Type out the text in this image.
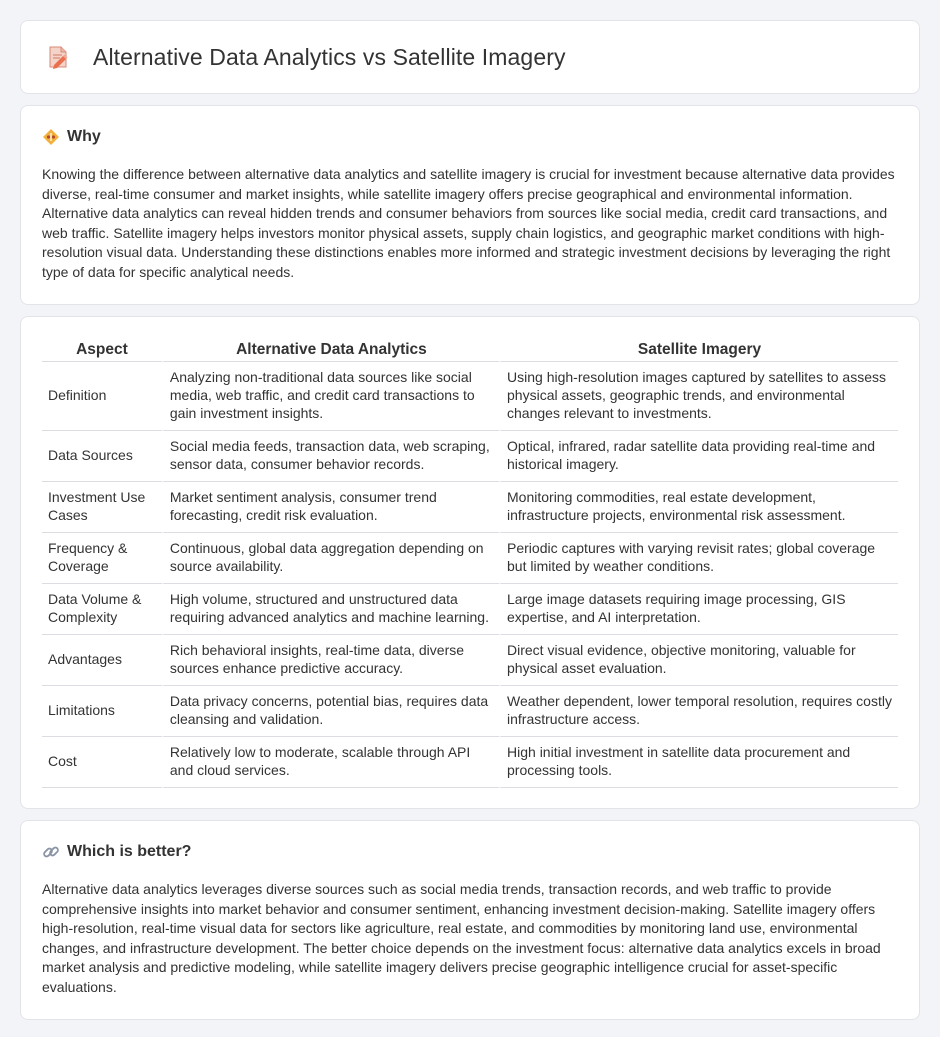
Alternative Data Analytics vs Satellite Imagery
Why

Knowing the difference between alternative data analytics and satellite imagery is crucial for investment because alternative data provides diverse, real-time consumer and market insights, while satellite imagery offers precise geographical and environmental information. Alternative data analytics can reveal hidden trends and consumer behaviors from sources like social media, credit card transactions, and web traffic. Satellite imagery helps investors monitor physical assets, supply chain logistics, and geographic market conditions with high-resolution visual data. Understanding these distinctions enables more informed and strategic investment decisions by leveraging the right type of data for specific analytical needs.

Aspect	Alternative Data Analytics	Satellite Imagery
Definition	Analyzing non-traditional data sources like social media, web traffic, and credit card transactions to gain investment insights.	Using high-resolution images captured by satellites to assess physical assets, geographic trends, and environmental changes relevant to investments.
Data Sources	Social media feeds, transaction data, web scraping, sensor data, consumer behavior records.	Optical, infrared, radar satellite data providing real-time and historical imagery.
Investment Use Cases	Market sentiment analysis, consumer trend forecasting, credit risk evaluation.	Monitoring commodities, real estate development, infrastructure projects, environmental risk assessment.
Frequency & Coverage	Continuous, global data aggregation depending on source availability.	Periodic captures with varying revisit rates; global coverage but limited by weather conditions.
Data Volume & Complexity	High volume, structured and unstructured data requiring advanced analytics and machine learning.	Large image datasets requiring image processing, GIS expertise, and AI interpretation.
Advantages	Rich behavioral insights, real-time data, diverse sources enhance predictive accuracy.	Direct visual evidence, objective monitoring, valuable for physical asset evaluation.
Limitations	Data privacy concerns, potential bias, requires data cleansing and validation.	Weather dependent, lower temporal resolution, requires costly infrastructure access.
Cost	Relatively low to moderate, scalable through API and cloud services.	High initial investment in satellite data procurement and processing tools.
Which is better?

Alternative data analytics leverages diverse sources such as social media trends, transaction records, and web traffic to provide comprehensive insights into market behavior and consumer sentiment, enhancing investment decision-making. Satellite imagery offers high-resolution, real-time visual data for sectors like agriculture, real estate, and commodities by monitoring land use, environmental changes, and infrastructure development. The better choice depends on the investment focus: alternative data analytics excels in broad market analysis and predictive modeling, while satellite imagery delivers precise geographic intelligence crucial for asset-specific evaluations.
